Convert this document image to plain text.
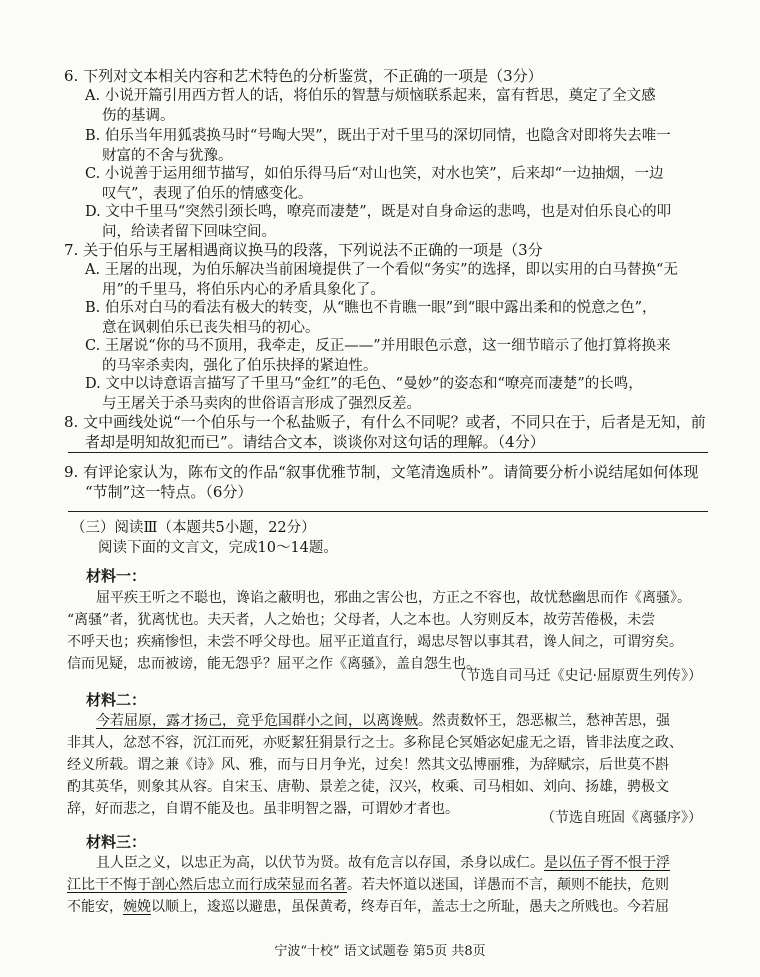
6. 下列对文本相关内容和艺术特色的分析鉴赏，不正确的一项是（3分）
A. 小说开篇引用西方哲人的话，将伯乐的智慧与烦恼联系起来，富有哲思，奠定了全文感
伤的基调。
B. 伯乐当年用狐裘换马时“号啕大哭”，既出于对千里马的深切同情，也隐含对即将失去唯一
财富的不舍与犹豫。
C. 小说善于运用细节描写，如伯乐得马后“对山也笑，对水也笑”，后来却“一边抽烟，一边
叹气”，表现了伯乐的情感变化。
D. 文中千里马“突然引颈长鸣，嘹亮而凄楚”，既是对自身命运的悲鸣，也是对伯乐良心的叩
问，给读者留下回味空间。
7. 关于伯乐与王屠相遇商议换马的段落，下列说法不正确的一项是（3分
A. 王屠的出现，为伯乐解决当前困境提供了一个看似“务实”的选择，即以实用的白马替换“无
用”的千里马，将伯乐内心的矛盾具象化了。
B. 伯乐对白马的看法有极大的转变，从“瞧也不肯瞧一眼”到“眼中露出柔和的悦意之色”，
意在讽刺伯乐已丧失相马的初心。
C. 王屠说“你的马不顶用，我牵走，反正——”并用眼色示意，这一细节暗示了他打算将换来
的马宰杀卖肉，强化了伯乐抉择的紧迫性。
D. 文中以诗意语言描写了千里马“金红”的毛色、“曼妙”的姿态和“嘹亮而凄楚”的长鸣，
与王屠关于杀马卖肉的世俗语言形成了强烈反差。
8. 文中画线处说“一个伯乐与一个私盐贩子，有什么不同呢？或者，不同只在于，后者是无知，前
者却是明知故犯而已”。请结合文本，谈谈你对这句话的理解。（4分）
9. 有评论家认为，陈布文的作品“叙事优雅节制，文笔清逸质朴”。请简要分析小说结尾如何体现
“节制”这一特点。（6分）
（三）阅读Ⅲ（本题共5小题，22分）
阅读下面的文言文，完成10～14题。
材料一：
屈平疾王听之不聪也，谗谄之蔽明也，邪曲之害公也，方正之不容也，故忧愁幽思而作《离骚》。
“离骚”者，犹离忧也。夫天者，人之始也；父母者，人之本也。人穷则反本，故劳苦倦极，未尝
不呼天也；疾痛惨怛，未尝不呼父母也。屈平正道直行，竭忠尽智以事其君，谗人间之，可谓穷矣。
信而见疑，忠而被谤，能无怨乎？屈平之作《离骚》，盖自怨生也。
（节选自司马迁《史记·屈原贾生列传》）
材料二：
今若屈原，露才扬己，竞乎危国群小之间，以离谗贼。然责数怀王，怨恶椒兰，愁神苦思，强
非其人，忿怼不容，沉江而死，亦贬絜狂狷景行之士。多称昆仑冥婚宓妃虚无之语，皆非法度之政、
经义所载。谓之兼《诗》风、雅，而与日月争光，过矣！然其文弘博丽雅，为辞赋宗，后世莫不斟
酌其英华，则象其从容。自宋玉、唐勒、景差之徒，汉兴，枚乘、司马相如、刘向、扬雄，骋极文
辞，好而悲之，自谓不能及也。虽非明智之器，可谓妙才者也。
（节选自班固《离骚序》）
材料三：
且人臣之义，以忠正为高，以伏节为贤。故有危言以存国，杀身以成仁。是以伍子胥不恨于浮
江比干不悔于剖心然后忠立而行成荣显而名著。若夫怀道以迷国，详愚而不言，颠则不能扶，危则
不能安，婉娩以顺上，逡巡以避患，虽保黄耇，终寿百年，盖志士之所耻，愚夫之所贱也。今若屈
宁波“十校” 语文试题卷 第5页 共8页
